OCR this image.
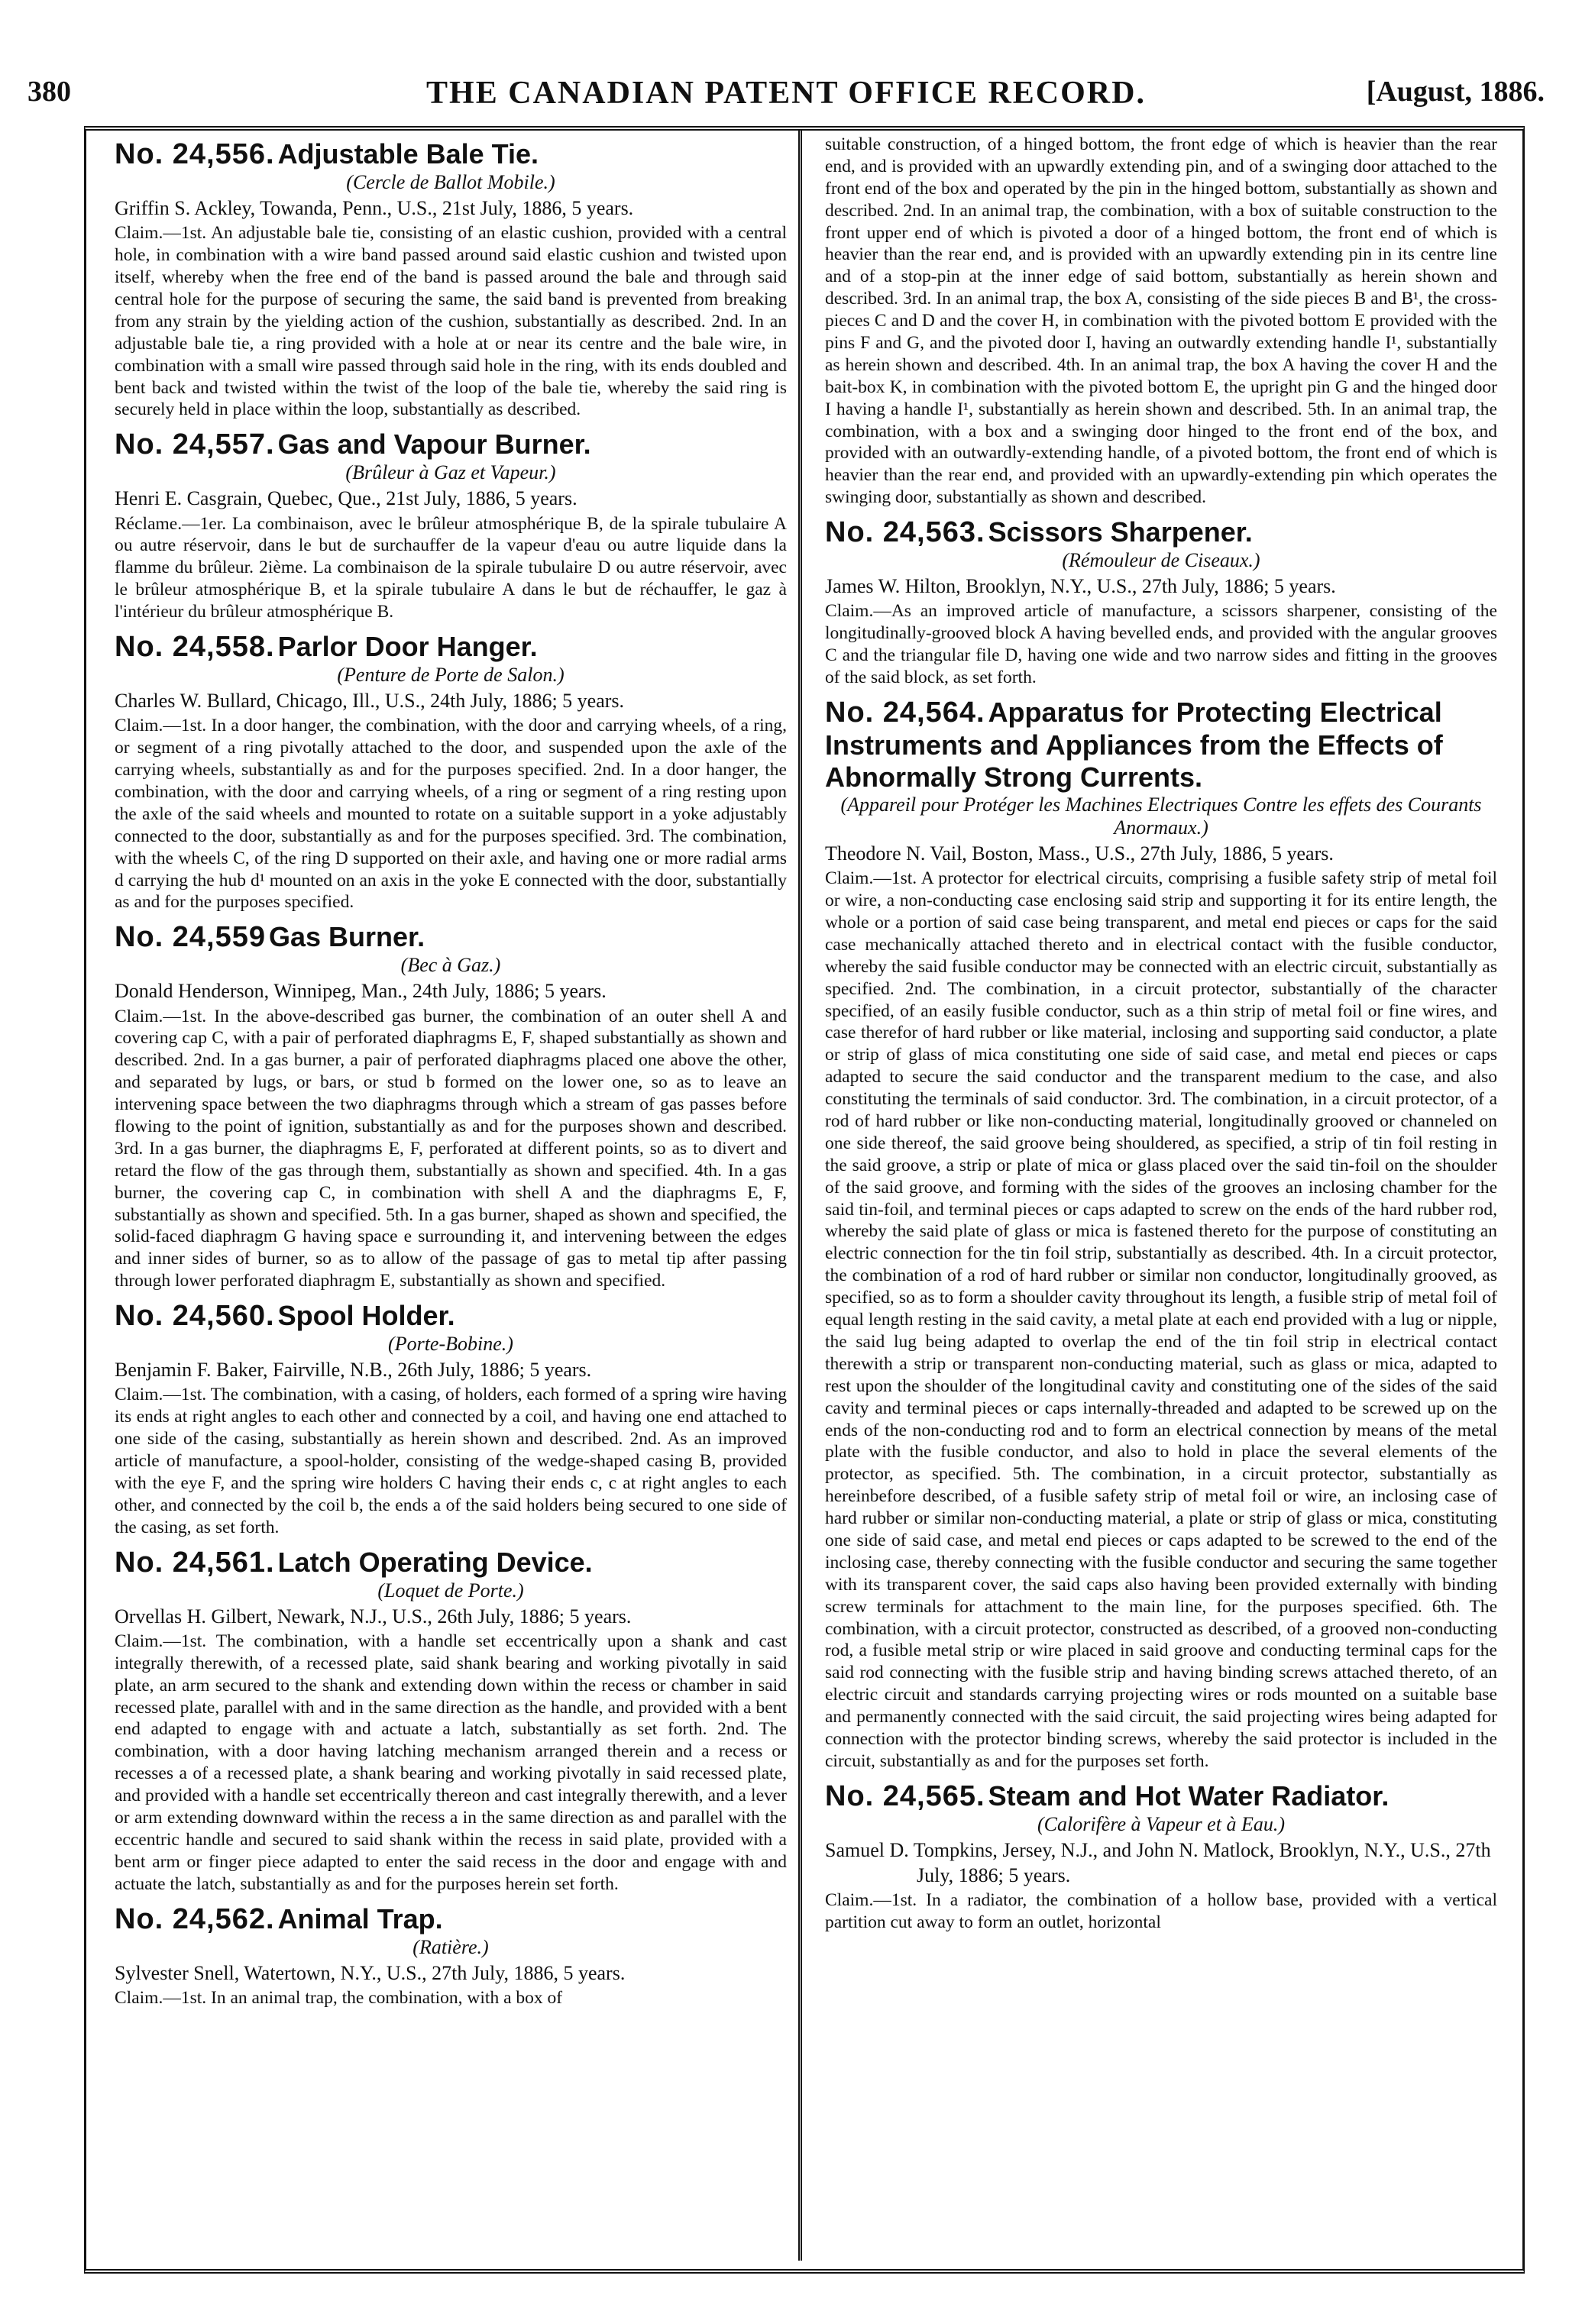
380	THE CANADIAN PATENT OFFICE RECORD.	[August, 1886.
No. 24,556. Adjustable Bale Tie.
(Cercle de Ballot Mobile.)
Griffin S. Ackley, Towanda, Penn., U.S., 21st July, 1886, 5 years.
Claim.—1st. An adjustable bale tie, consisting of an elastic cushion, provided with a central hole, in combination with a wire band passed around said elastic cushion and twisted upon itself, whereby when the free end of the band is passed around the bale and through said central hole for the purpose of securing the same, the said band is prevented from breaking from any strain by the yielding action of the cushion, substantially as described. 2nd. In an adjustable bale tie, a ring provided with a hole at or near its centre and the bale wire, in combination with a small wire passed through said hole in the ring, with its ends doubled and bent back and twisted within the twist of the loop of the bale tie, whereby the said ring is securely held in place within the loop, substantially as described.
No. 24,557. Gas and Vapour Burner.
(Brûleur à Gaz et Vapeur.)
Henri E. Casgrain, Quebec, Que., 21st July, 1886, 5 years.
Réclame.—1er. La combinaison, avec le brûleur atmosphérique B, de la spirale tubulaire A ou autre réservoir, dans le but de surchauffer de la vapeur d'eau ou autre liquide dans la flamme du brûleur. 2ième. La combinaison de la spirale tubulaire D ou autre réservoir, avec le brûleur atmosphérique B, et la spirale tubulaire A dans le but de réchauffer, le gaz à l'intérieur du brûleur atmosphérique B.
No. 24,558. Parlor Door Hanger.
(Penture de Porte de Salon.)
Charles W. Bullard, Chicago, Ill., U.S., 24th July, 1886; 5 years.
Claim.—1st. In a door hanger, the combination, with the door and carrying wheels, of a ring, or segment of a ring pivotally attached to the door, and suspended upon the axle of the carrying wheels, substantially as and for the purposes specified. 2nd. In a door hanger, the combination, with the door and carrying wheels, of a ring or segment of a ring resting upon the axle of the said wheels and mounted to rotate on a suitable support in a yoke adjustably connected to the door, substantially as and for the purposes specified. 3rd. The combination, with the wheels C, of the ring D supported on their axle, and having one or more radial arms d carrying the hub d¹ mounted on an axis in the yoke E connected with the door, substantially as and for the purposes specified.
No. 24,559 Gas Burner.
(Bec à Gaz.)
Donald Henderson, Winnipeg, Man., 24th July, 1886; 5 years.
Claim.—1st. In the above-described gas burner, the combination of an outer shell A and covering cap C, with a pair of perforated diaphragms E, F, shaped substantially as shown and described. 2nd. In a gas burner, a pair of perforated diaphragms placed one above the other, and separated by lugs, or bars, or stud b formed on the lower one, so as to leave an intervening space between the two diaphragms through which a stream of gas passes before flowing to the point of ignition, substantially as and for the purposes shown and described. 3rd. In a gas burner, the diaphragms E, F, perforated at different points, so as to divert and retard the flow of the gas through them, substantially as shown and specified. 4th. In a gas burner, the covering cap C, in combination with shell A and the diaphragms E, F, substantially as shown and specified. 5th. In a gas burner, shaped as shown and specified, the solid-faced diaphragm G having space e surrounding it, and intervening between the edges and inner sides of burner, so as to allow of the passage of gas to metal tip after passing through lower perforated diaphragm E, substantially as shown and specified.
No. 24,560. Spool Holder.
(Porte-Bobine.)
Benjamin F. Baker, Fairville, N.B., 26th July, 1886; 5 years.
Claim.—1st. The combination, with a casing, of holders, each formed of a spring wire having its ends at right angles to each other and connected by a coil, and having one end attached to one side of the casing, substantially as herein shown and described. 2nd. As an improved article of manufacture, a spool-holder, consisting of the wedge-shaped casing B, provided with the eye F, and the spring wire holders C having their ends c, c at right angles to each other, and connected by the coil b, the ends a of the said holders being secured to one side of the casing, as set forth.
No. 24,561. Latch Operating Device.
(Loquet de Porte.)
Orvellas H. Gilbert, Newark, N.J., U.S., 26th July, 1886; 5 years.
Claim.—1st. The combination, with a handle set eccentrically upon a shank and cast integrally therewith, of a recessed plate, said shank bearing and working pivotally in said plate, an arm secured to the shank and extending down within the recess or chamber in said recessed plate, parallel with and in the same direction as the handle, and provided with a bent end adapted to engage with and actuate a latch, substantially as set forth. 2nd. The combination, with a door having latching mechanism arranged therein and a recess or recesses a of a recessed plate, a shank bearing and working pivotally in said recessed plate, and provided with a handle set eccentrically thereon and cast integrally therewith, and a lever or arm extending downward within the recess a in the same direction as and parallel with the eccentric handle and secured to said shank within the recess in said plate, provided with a bent arm or finger piece adapted to enter the said recess in the door and engage with and actuate the latch, substantially as and for the purposes herein set forth.
No. 24,562. Animal Trap.
(Ratière.)
Sylvester Snell, Watertown, N.Y., U.S., 27th July, 1886, 5 years.
Claim.—1st. In an animal trap, the combination, with a box of
suitable construction, of a hinged bottom, the front edge of which is heavier than the rear end, and is provided with an upwardly extending pin, and of a swinging door attached to the front end of the box and operated by the pin in the hinged bottom, substantially as shown and described. 2nd. In an animal trap, the combination, with a box of suitable construction to the front upper end of which is pivoted a door of a hinged bottom, the front end of which is heavier than the rear end, and is provided with an upwardly extending pin in its centre line and of a stop-pin at the inner edge of said bottom, substantially as herein shown and described. 3rd. In an animal trap, the box A, consisting of the side pieces B and B¹, the cross-pieces C and D and the cover H, in combination with the pivoted bottom E provided with the pins F and G, and the pivoted door I, having an outwardly extending handle I¹, substantially as herein shown and described. 4th. In an animal trap, the box A having the cover H and the bait-box K, in combination with the pivoted bottom E, the upright pin G and the hinged door I having a handle I¹, substantially as herein shown and described. 5th. In an animal trap, the combination, with a box and a swinging door hinged to the front end of the box, and provided with an outwardly-extending handle, of a pivoted bottom, the front end of which is heavier than the rear end, and provided with an upwardly-extending pin which operates the swinging door, substantially as shown and described.
No. 24,563. Scissors Sharpener.
(Rémouleur de Ciseaux.)
James W. Hilton, Brooklyn, N.Y., U.S., 27th July, 1886; 5 years.
Claim.—As an improved article of manufacture, a scissors sharpener, consisting of the longitudinally-grooved block A having bevelled ends, and provided with the angular grooves C and the triangular file D, having one wide and two narrow sides and fitting in the grooves of the said block, as set forth.
No. 24,564. Apparatus for Protecting Electrical Instruments and Appliances from the Effects of Abnormally Strong Currents.
(Appareil pour Protéger les Machines Electriques Contre les effets des Courants Anormaux.)
Theodore N. Vail, Boston, Mass., U.S., 27th July, 1886, 5 years.
Claim.—1st. A protector for electrical circuits, comprising a fusible safety strip of metal foil or wire, a non-conducting case enclosing said strip and supporting it for its entire length, the whole or a portion of said case being transparent, and metal end pieces or caps for the said case mechanically attached thereto and in electrical contact with the fusible conductor, whereby the said fusible conductor may be connected with an electric circuit, substantially as specified. 2nd. The combination, in a circuit protector, substantially of the character specified, of an easily fusible conductor, such as a thin strip of metal foil or fine wires, and case therefor of hard rubber or like material, inclosing and supporting said conductor, a plate or strip of glass of mica constituting one side of said case, and metal end pieces or caps adapted to secure the said conductor and the transparent medium to the case, and also constituting the terminals of said conductor. 3rd. The combination, in a circuit protector, of a rod of hard rubber or like non-conducting material, longitudinally grooved or channeled on one side thereof, the said groove being shouldered, as specified, a strip of tin foil resting in the said groove, a strip or plate of mica or glass placed over the said tin-foil on the shoulder of the said groove, and forming with the sides of the grooves an inclosing chamber for the said tin-foil, and terminal pieces or caps adapted to screw on the ends of the hard rubber rod, whereby the said plate of glass or mica is fastened thereto for the purpose of constituting an electric connection for the tin foil strip, substantially as described. 4th. In a circuit protector, the combination of a rod of hard rubber or similar non conductor, longitudinally grooved, as specified, so as to form a shoulder cavity throughout its length, a fusible strip of metal foil of equal length resting in the said cavity, a metal plate at each end provided with a lug or nipple, the said lug being adapted to overlap the end of the tin foil strip in electrical contact therewith a strip or transparent non-conducting material, such as glass or mica, adapted to rest upon the shoulder of the longitudinal cavity and constituting one of the sides of the said cavity and terminal pieces or caps internally-threaded and adapted to be screwed up on the ends of the non-conducting rod and to form an electrical connection by means of the metal plate with the fusible conductor, and also to hold in place the several elements of the protector, as specified. 5th. The combination, in a circuit protector, substantially as hereinbefore described, of a fusible safety strip of metal foil or wire, an inclosing case of hard rubber or similar non-conducting material, a plate or strip of glass or mica, constituting one side of said case, and metal end pieces or caps adapted to be screwed to the end of the inclosing case, thereby connecting with the fusible conductor and securing the same together with its transparent cover, the said caps also having been provided externally with binding screw terminals for attachment to the main line, for the purposes specified. 6th. The combination, with a circuit protector, constructed as described, of a grooved non-conducting rod, a fusible metal strip or wire placed in said groove and conducting terminal caps for the said rod connecting with the fusible strip and having binding screws attached thereto, of an electric circuit and standards carrying projecting wires or rods mounted on a suitable base and permanently connected with the said circuit, the said projecting wires being adapted for connection with the protector binding screws, whereby the said protector is included in the circuit, substantially as and for the purposes set forth.
No. 24,565. Steam and Hot Water Radiator.
(Calorifère à Vapeur et à Eau.)
Samuel D. Tompkins, Jersey, N.J., and John N. Matlock, Brooklyn, N.Y., U.S., 27th July, 1886; 5 years.
Claim.—1st. In a radiator, the combination of a hollow base, provided with a vertical partition cut away to form an outlet, horizontal
